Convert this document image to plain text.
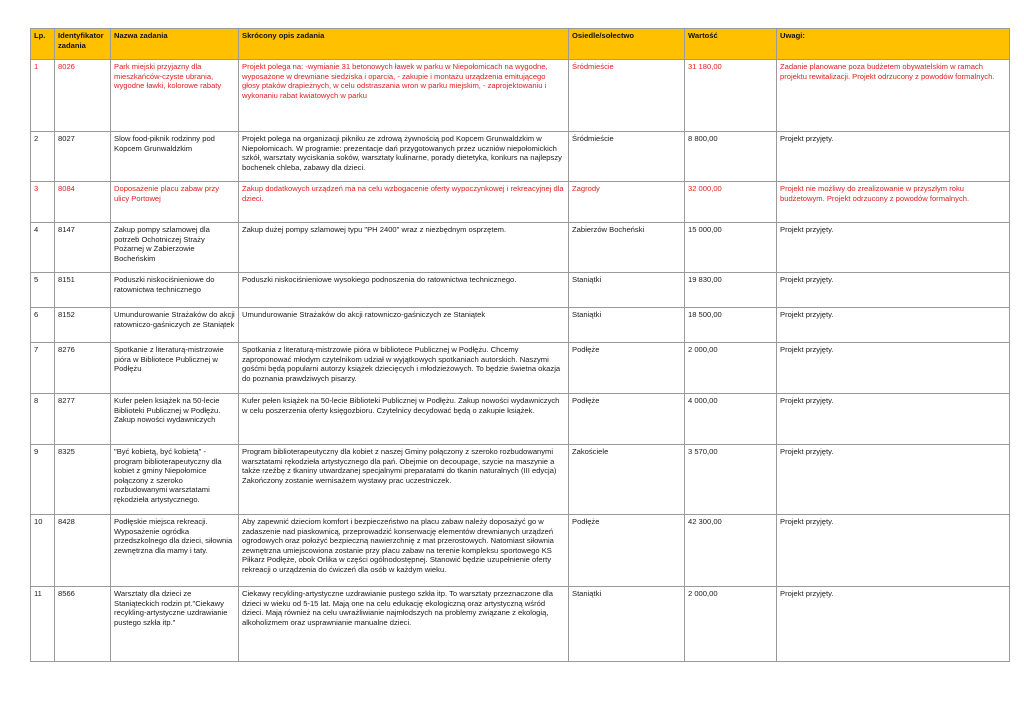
Lp.	Identyfikator zadania	Nazwa zadania	Skrócony opis zadania	Osiedle/sołectwo	Wartość	Uwagi:
1	8026	Park miejski przyjazny dla mieszkańców-czyste ubrania, wygodne ławki, kolorowe rabaty	Projekt polega na: -wymianie 31 betonowych ławek w parku w Niepołomicach na wygodne, wyposażone w drewniane siedziska i oparcia, - zakupie i montażu urządzenia emitującego głosy ptaków drapieżnych, w celu odstraszania wron w parku miejskim, - zaprojektowaniu i wykonaniu rabat kwiatowych w parku	Śródmieście	31 180,00	Zadanie planowane poza budżetem obywatelskim w ramach projektu rewitalizacji. Projekt odrzucony z powodów formalnych.
2	8027	Slow food-piknik rodzinny pod Kopcem Grunwaldzkim	Projekt polega na organizacji pikniku ze zdrową żywnością pod Kopcem Grunwaldzkim w Niepołomicach. W programie: prezentacje dań przygotowanych przez uczniów niepołomickich szkół, warsztaty wyciskania soków, warsztaty kulinarne, porady dietetyka, konkurs na najlepszy bochenek chleba, zabawy dla dzieci.	Śródmieście	8 800,00	Projekt przyjęty.
3	8084	Doposażenie placu zabaw przy ulicy Portowej	Zakup dodatkowych urządzeń ma na celu wzbogacenie oferty wypoczynkowej i rekreacyjnej dla dzieci.	Zagrody	32 000,00	Projekt nie możliwy do zrealizowanie w przyszłym roku budżetowym. Projekt odrzucony z powodów formalnych.
4	8147	Zakup pompy szlamowej dla potrzeb Ochotniczej Straży Pożarnej w Zabierzowie Bocheńskim	Zakup dużej pompy szlamowej typu "PH 2400" wraz z niezbędnym osprzętem.	Zabierzów Bocheński	15 000,00	Projekt przyjęty.
5	8151	Poduszki niskociśnieniowe do ratownictwa technicznego	Poduszki niskociśnieniowe wysokiego podnoszenia do ratownictwa technicznego.	Staniątki	19 830,00	Projekt przyjęty.
6	8152	Umundurowanie Strażaków do akcji ratowniczo-gaśniczych ze Staniątek	Umundurowanie Strażaków do akcji ratowniczo-gaśniczych ze Staniątek	Staniątki	18 500,00	Projekt przyjęty.
7	8276	Spotkanie z literaturą-mistrzowie pióra w Bibliotece Publicznej w Podłężu	Spotkania z literaturą-mistrzowie pióra w bibliotece Publicznej w Podłężu. Chcemy zaproponować młodym czytelnikom udział w wyjątkowych spotkaniach autorskich. Naszymi gośćmi będą popularni autorzy książek dziecięcych i młodzieżowych. To będzie świetna okazja do poznania prawdziwych pisarzy.	Podłęże	2 000,00	Projekt przyjęty.
8	8277	Kufer pełen książek na 50-lecie Biblioteki Publicznej w Podłężu. Zakup nowości wydawniczych	Kufer pełen książek na 50-lecie Biblioteki Publicznej w Podłężu. Zakup nowości wydawniczych w celu poszerzenia oferty księgozbioru. Czytelnicy decydować będą o zakupie książek.	Podłęże	4 000,00	Projekt przyjęty.
9	8325	"Być kobietą, być kobietą" - program biblioterapeutyczny dla kobiet z gminy Niepołomice połączony z szeroko rozbudowanymi warsztatami rękodzieła artystycznego.	Program biblioterapeutyczny dla kobiet z naszej Gminy połączony z szeroko rozbudowanymi warsztatami rękodzieła artystycznego dla pań. Obejmie on decoupage, szycie na maszynie a także rzeźbę z tkaniny utwardzanej specjalnymi preparatami do tkanin naturalnych (III edycja) Zakończony zostanie wernisażem wystawy prac uczestniczek.	Zakościele	3 570,00	Projekt przyjęty.
10	8428	Podłęskie miejsca rekreacji. Wyposażenie ogródka przedszkolnego dla dzieci, siłownia zewnętrzna dla mamy i taty.	Aby zapewnić dzieciom komfort i bezpieczeństwo na placu zabaw należy doposażyć go w zadaszenie nad piaskownicą, przeprowadzić konserwację elementów drewnianych urządzeń ogrodowych oraz położyć bezpieczną nawierzchnię z mat przerostowych. Natomiast siłownia zewnętrzna umiejscowiona zostanie przy placu zabaw na terenie kompleksu sportowego KS Piłkarz Podłęże, obok Orlika w części ogólnodostępnej. Stanowić będzie uzupełnienie oferty rekreacji o urządzenia do ćwiczeń dla osób w każdym wieku.	Podłęże	42 300,00	Projekt przyjęty.
11	8566	Warsztaty dla dzieci ze Staniąteckich rodzin pt."Ciekawy recykling-artystyczne uzdrawianie pustego szkła itp."	Ciekawy recykling-artystyczne uzdrawianie pustego szkła itp. To warsztaty przeznaczone dla dzieci w wieku od 5-15 lat. Mają one na celu edukację ekologiczną oraz artystyczną wśród dzieci. Mają również na celu uwrażliwianie najmłodszych na problemy związane z ekologią, alkoholizmem oraz usprawnianie manualne dzieci.	Staniątki	2 000,00	Projekt przyjęty.
